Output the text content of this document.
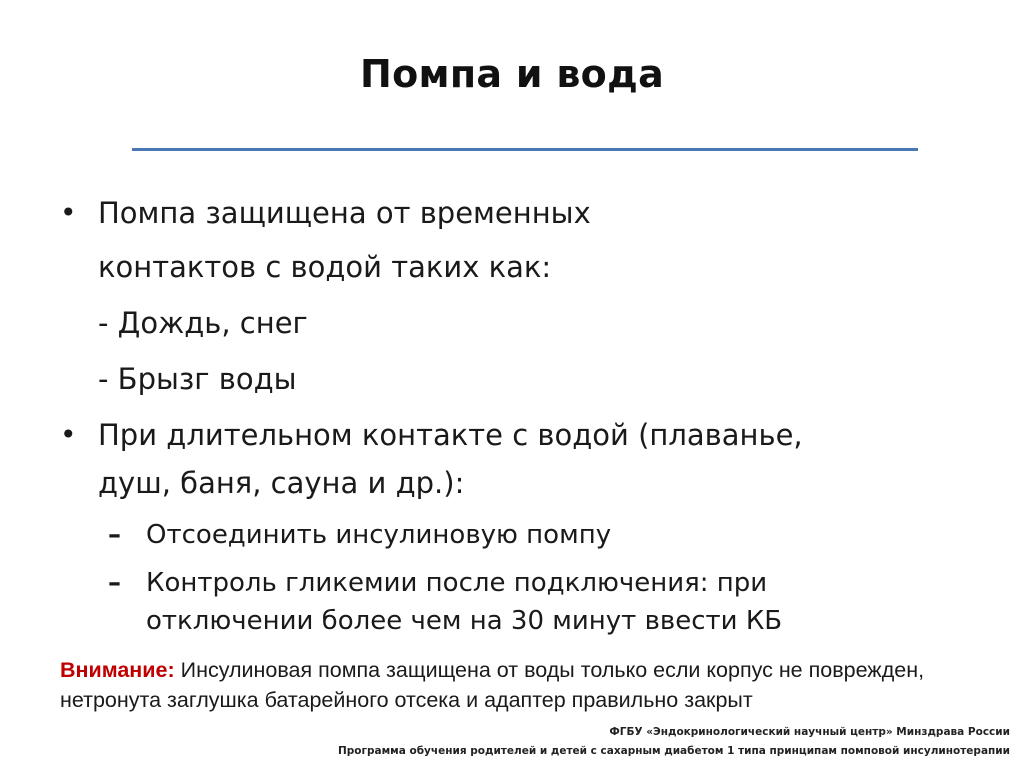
Помпа и вода
• Помпа защищена от временных
контактов с водой таких как:
- Дождь, снег
- Брызг воды
• При длительном контакте с водой (плаванье,
душ, баня, сауна и др.):
– Отсоединить инсулиновую помпу
– Контроль гликемии после подключения: при
отключении более чем на 30 минут ввести КБ
Внимание: Инсулиновая помпа защищена от воды только если корпус не поврежден, нетронута заглушка батарейного отсека и адаптер правильно закрыт
ФГБУ «Эндокринологический научный центр» Минздрава России
Программа обучения родителей и детей с сахарным диабетом 1 типа принципам помповой инсулинотерапии
